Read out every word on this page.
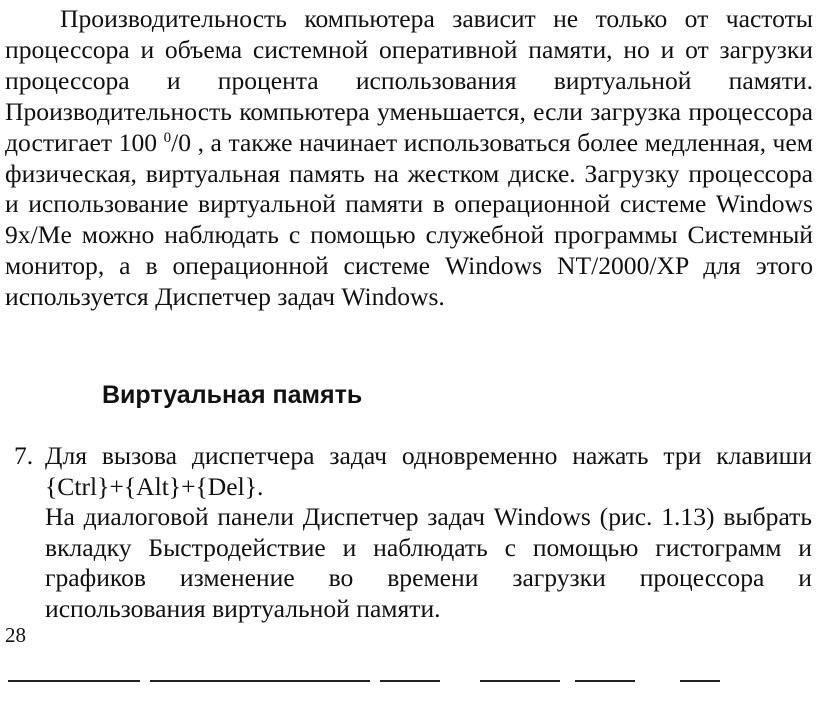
Производительность компьютера зависит не только от частоты процессора и объема системной оперативной памяти, но и от загрузки процессора и процента использования виртуальной памяти. Производительность компьютера уменьшается, если загрузка процессора достигает 100 $^0$/0 , а также начинает использоваться более медленная, чем физическая, виртуальная память на жестком диске. Загрузку процессора и использование виртуальной памяти в операционной системе Windows 9x/Me можно наблюдать с помощью служебной программы Системный монитор, а в операционной системе Windows NT/2000/XP для этого используется Диспетчер задач Windows.

Виртуальная память
7. Для вызова диспетчера задач одновременно нажать три клавиши {Ctrl}+{Alt}+{Del}.

На диалоговой панели Диспетчер задач Windows (рис. 1.13) выбрать вкладку Быстродействие и наблюдать с помощью гистограмм и графиков изменение во времени загрузки процессора и использования виртуальной памяти.

28
